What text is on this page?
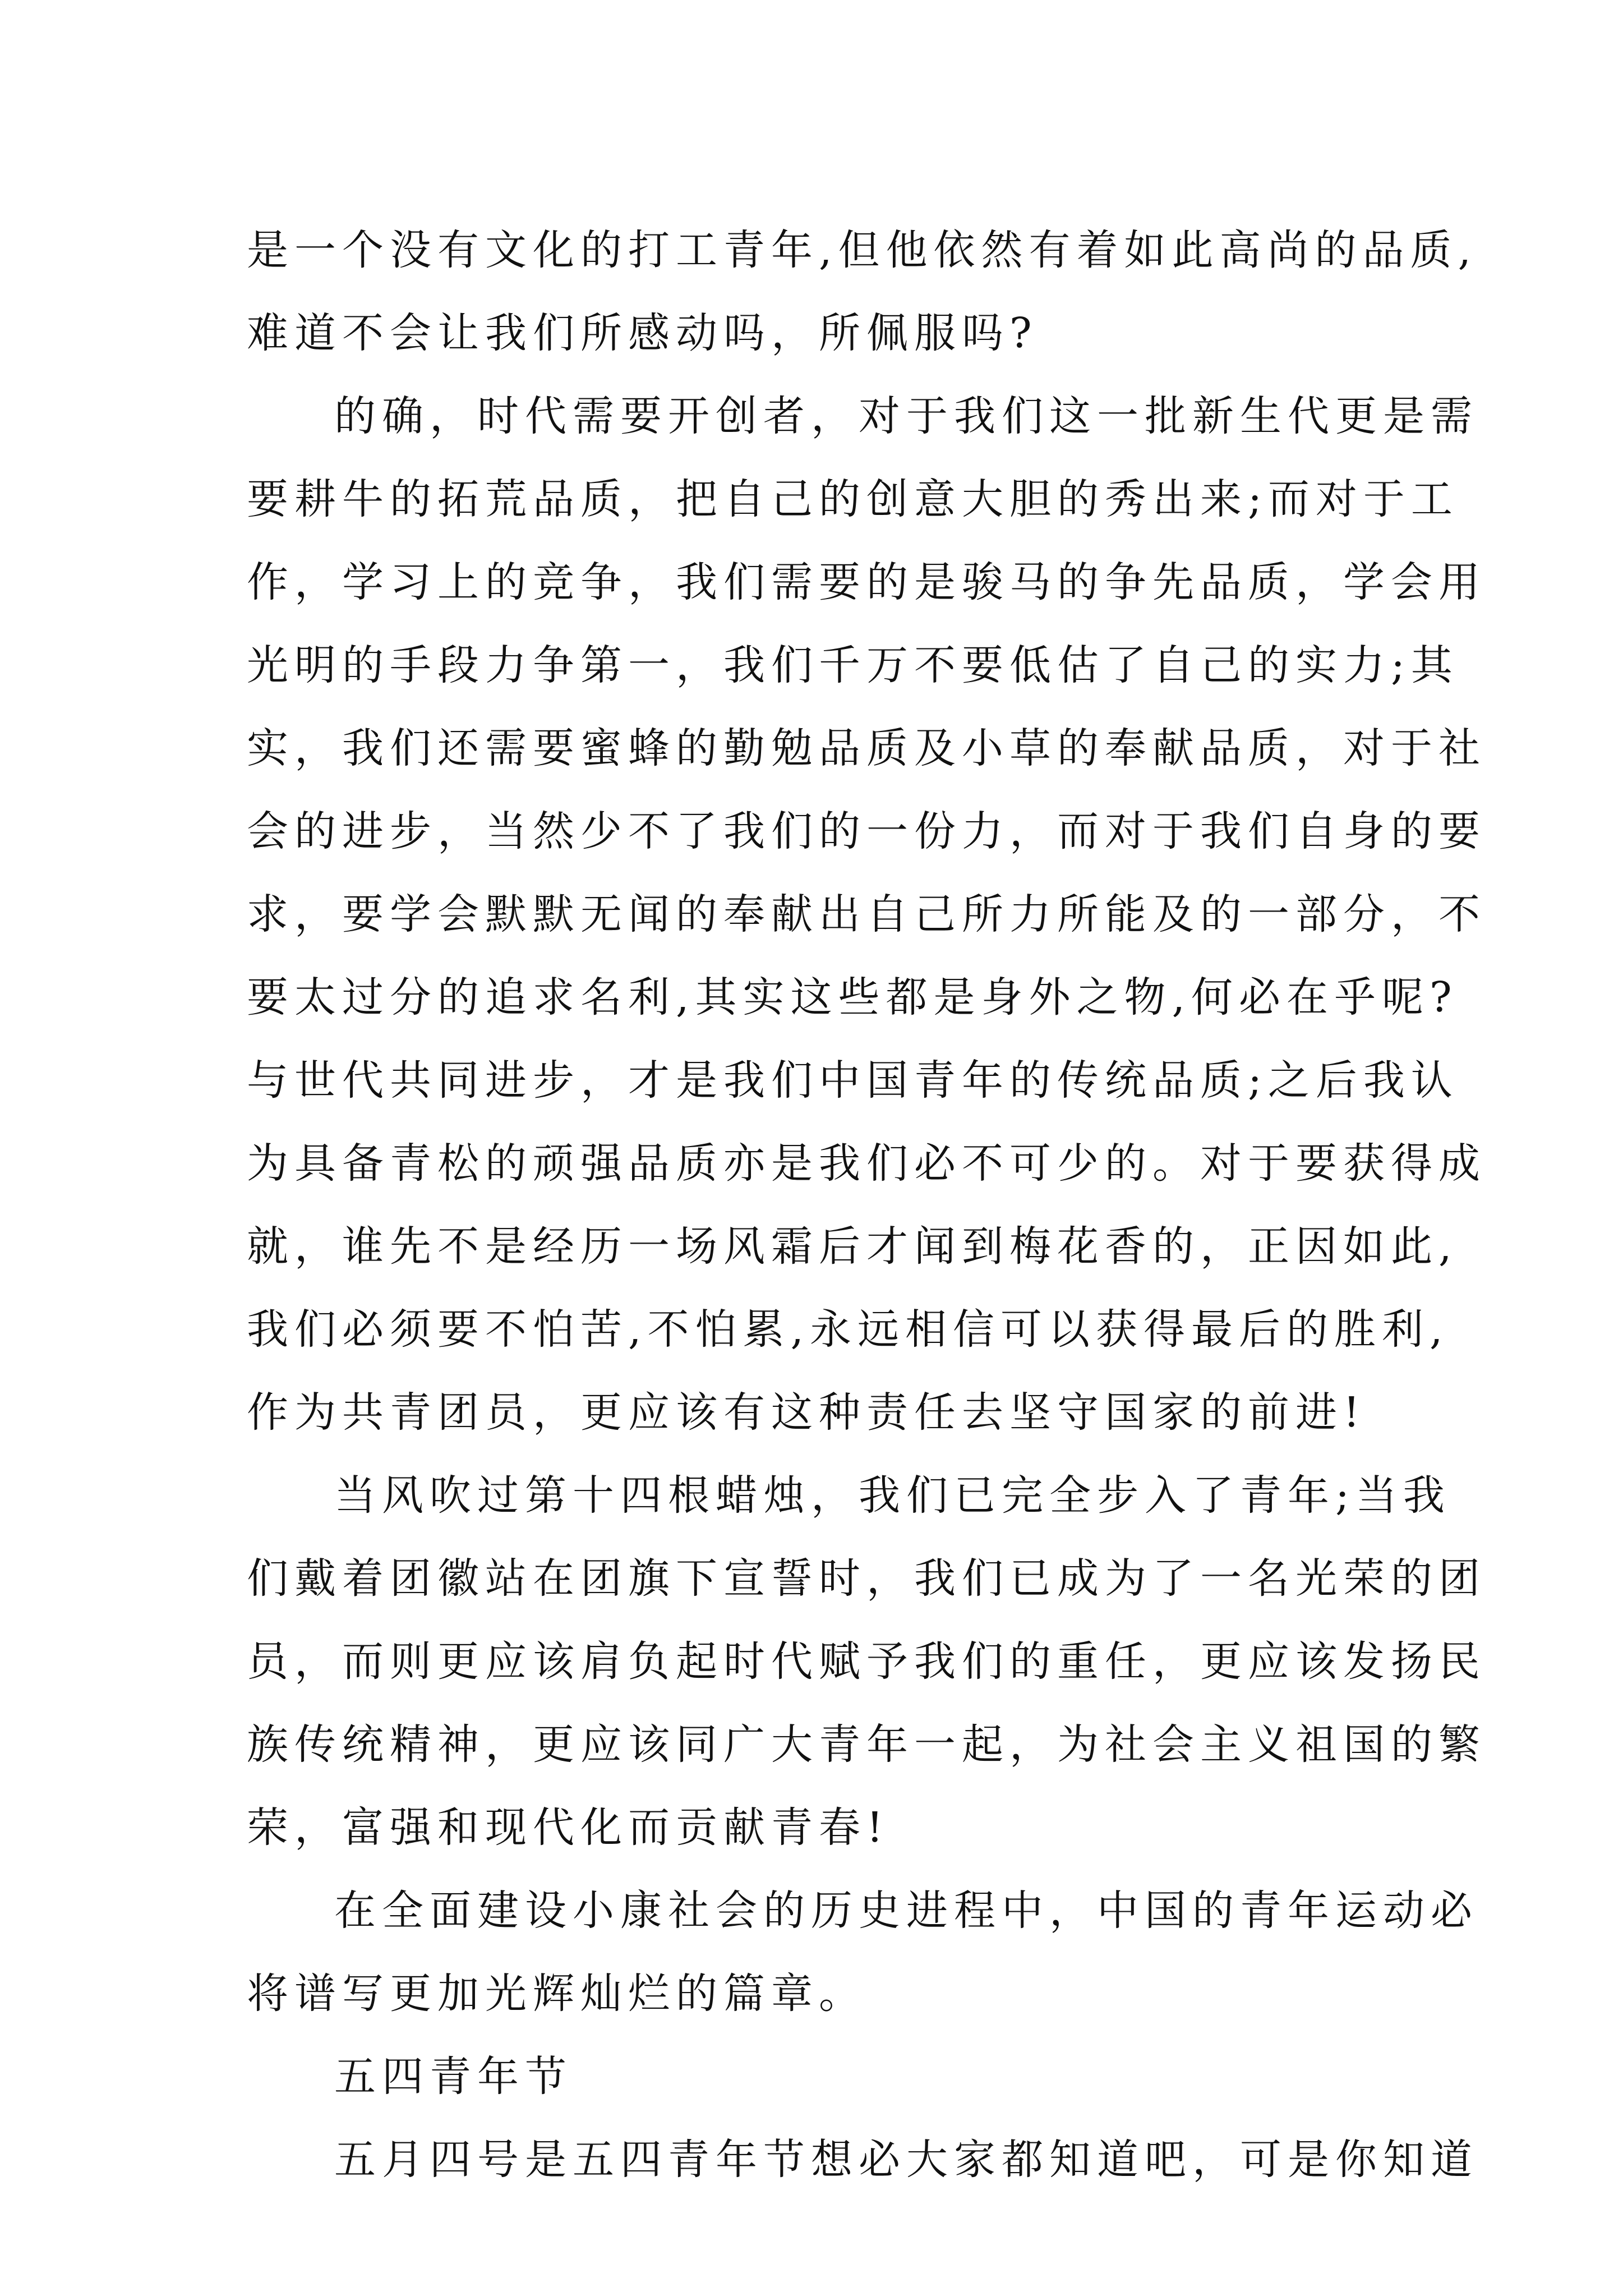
是一个没有文化的打工青年,但他依然有着如此高尚的品质,
难道不会让我们所感动吗，所佩服吗?
的确，时代需要开创者，对于我们这一批新生代更是需
要耕牛的拓荒品质，把自己的创意大胆的秀出来;而对于工
作，学习上的竞争，我们需要的是骏马的争先品质，学会用
光明的手段力争第一，我们千万不要低估了自己的实力;其
实，我们还需要蜜蜂的勤勉品质及小草的奉献品质，对于社
会的进步，当然少不了我们的一份力，而对于我们自身的要
求，要学会默默无闻的奉献出自己所力所能及的一部分，不
要太过分的追求名利,其实这些都是身外之物,何必在乎呢?
与世代共同进步，才是我们中国青年的传统品质;之后我认
为具备青松的顽强品质亦是我们必不可少的。对于要获得成
就，谁先不是经历一场风霜后才闻到梅花香的，正因如此,
我们必须要不怕苦,不怕累,永远相信可以获得最后的胜利,
作为共青团员，更应该有这种责任去坚守国家的前进!
当风吹过第十四根蜡烛，我们已完全步入了青年;当我
们戴着团徽站在团旗下宣誓时，我们已成为了一名光荣的团
员，而则更应该肩负起时代赋予我们的重任，更应该发扬民
族传统精神，更应该同广大青年一起，为社会主义祖国的繁
荣，富强和现代化而贡献青春!
在全面建设小康社会的历史进程中，中国的青年运动必
将谱写更加光辉灿烂的篇章。
五四青年节
五月四号是五四青年节想必大家都知道吧，可是你知道
